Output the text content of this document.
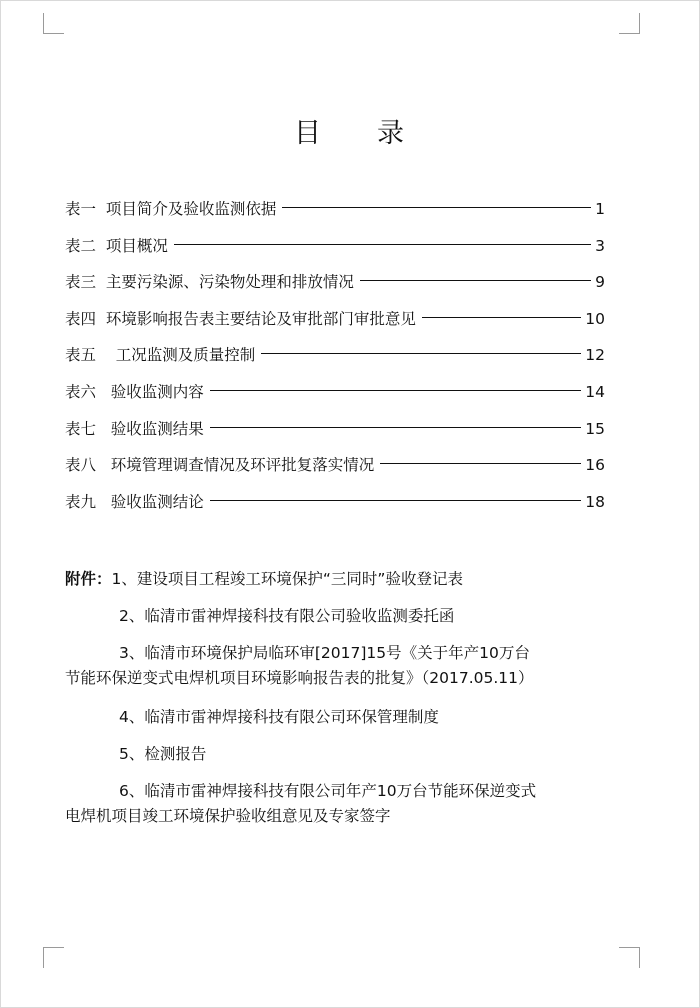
目 录
表一 项目简介及验收监测依据	1
表二 项目概况	3
表三 主要污染源、污染物处理和排放情况	9
表四 环境影响报告表主要结论及审批部门审批意见	10
表五 工况监测及质量控制	12
表六 验收监测内容	14
表七 验收监测结果	15
表八 环境管理调查情况及环评批复落实情况	16
表九 验收监测结论	18
附件：1、建设项目工程竣工环境保护“三同时”验收登记表
2、临清市雷神焊接科技有限公司验收监测委托函
3、临清市环境保护局临环审[2017]15号《关于年产10万台
节能环保逆变式电焊机项目环境影响报告表的批复》（2017.05.11）
4、临清市雷神焊接科技有限公司环保管理制度
5、检测报告
6、临清市雷神焊接科技有限公司年产10万台节能环保逆变式
电焊机项目竣工环境保护验收组意见及专家签字
